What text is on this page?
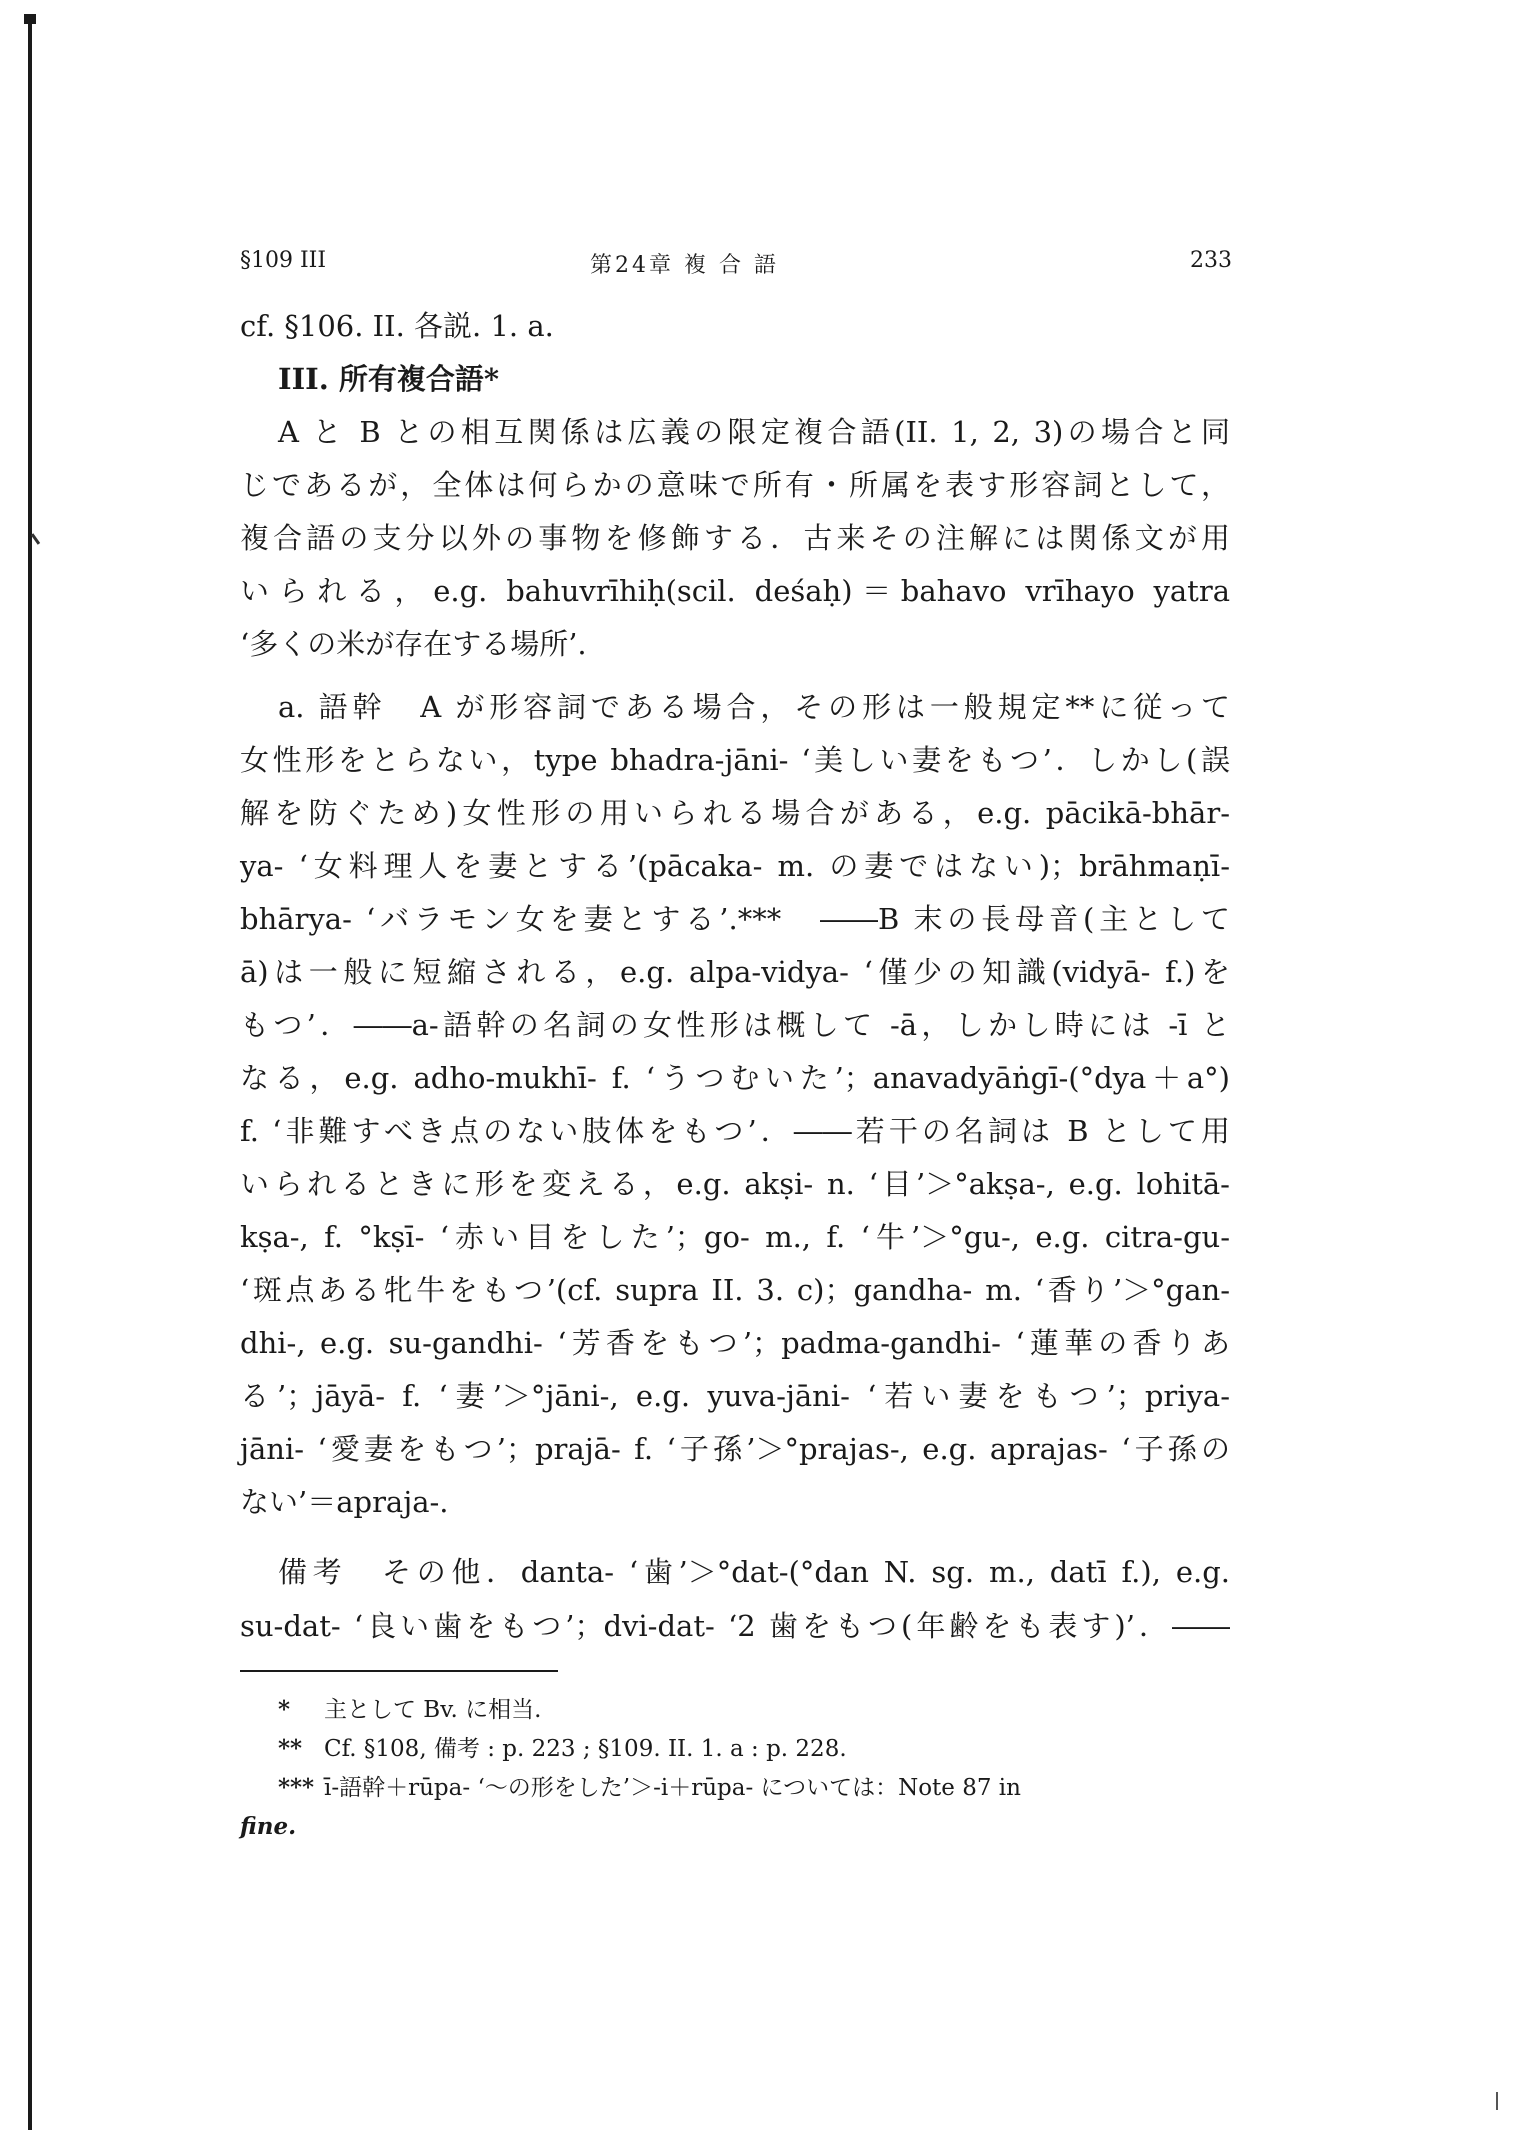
§109 III	第24章 複 合 語	233
cf. §106. II. 各説. 1. a.
III. 所有複合語*
A と B との相互関係は広義の限定複合語(II. 1, 2, 3)の場合と同
じであるが，全体は何らかの意味で所有・所属を表す形容詞として，
複合語の支分以外の事物を修飾する．古来その注解には関係文が用
いられる，e.g. bahuvrīhiḥ(scil. deśaḥ)＝bahavo vrīhayo yatra
‘多くの米が存在する場所’.
a. 語幹　A が形容詞である場合，その形は一般規定**に従って
女性形をとらない，type bhadra-jāni- ‘美しい妻をもつ’．しかし(誤
解を防ぐため)女性形の用いられる場合がある，e.g. pācikā-bhār-
ya- ‘女料理人を妻とする’(pācaka- m. の妻ではない)；brāhmaṇī-
bhārya- ‘バラモン女を妻とする’.***　――B 末の長母音(主として
ā)は一般に短縮される，e.g. alpa-vidya- ‘僅少の知識(vidyā- f.)を
もつ’．――a-語幹の名詞の女性形は概して -ā，しかし時には -ī と
なる，e.g. adho-mukhī- f. ‘うつむいた’；anavadyāṅgī-(°dya＋a°)
f. ‘非難すべき点のない肢体をもつ’．――若干の名詞は B として用
いられるときに形を変える，e.g. akṣi- n. ‘目’＞°akṣa-, e.g. lohitā-
kṣa-, f. °kṣī- ‘赤い目をした’；go- m., f. ‘牛’＞°gu-, e.g. citra-gu-
‘斑点ある牝牛をもつ’(cf. supra II. 3. c)；gandha- m. ‘香り’＞°gan-
dhi-, e.g. su-gandhi- ‘芳香をもつ’；padma-gandhi- ‘蓮華の香りあ
る’；jāyā- f. ‘妻’＞°jāni-, e.g. yuva-jāni- ‘若い妻をもつ’；priya-
jāni- ‘愛妻をもつ’；prajā- f. ‘子孫’＞°prajas-, e.g. aprajas- ‘子孫の
ない’＝apraja-.
備考　その他．danta- ‘歯’＞°dat-(°dan N. sg. m., datī f.), e.g.
su-dat- ‘良い歯をもつ’；dvi-dat- ‘2 歯をもつ(年齢をも表す)’．――
* 主として Bv. に相当.
** Cf. §108, 備考 : p. 223 ; §109. II. 1. a : p. 228.
*** ī-語幹＋rūpa- ‘～の形をした’＞-i＋rūpa- については：Note 87 in
fine.
